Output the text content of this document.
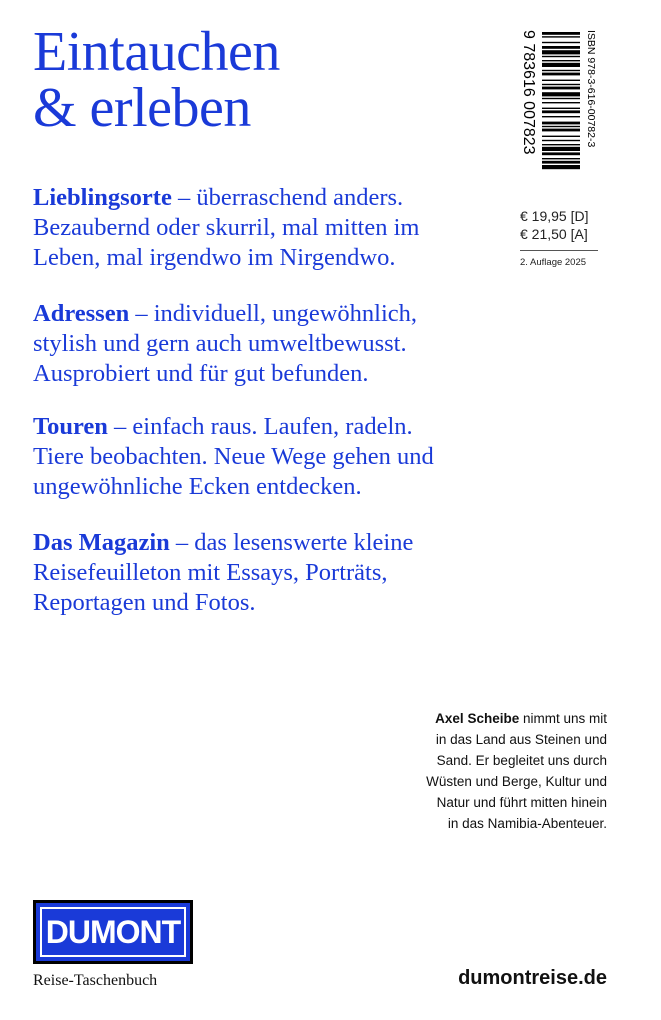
Eintauchen
& erleben

Lieblingsorte – überraschend anders.
Bezaubernd oder skurril, mal mitten im
Leben, mal irgendwo im Nirgendwo.

Adressen – individuell, ungewöhnlich,
stylish und gern auch umweltbewusst.
Ausprobiert und für gut befunden.

Touren – einfach raus. Laufen, radeln.
Tiere beobachten. Neue Wege gehen und
ungewöhnliche Ecken entdecken.

Das Magazin – das lesenswerte kleine
Reisefeuilleton mit Essays, Porträts,
Reportagen und Fotos.

9 783616 007823	ISBN 978-3-616-00782-3
€ 19,95 [D]
€ 21,50 [A]
2. Auflage 2025

Axel Scheibe nimmt uns mit
in das Land aus Steinen und
Sand. Er begleitet uns durch
Wüsten und Berge, Kultur und
Natur und führt mitten hinein
in das Namibia-Abenteuer.

DUMONT
Reise-Taschenbuch	dumontreise.de
